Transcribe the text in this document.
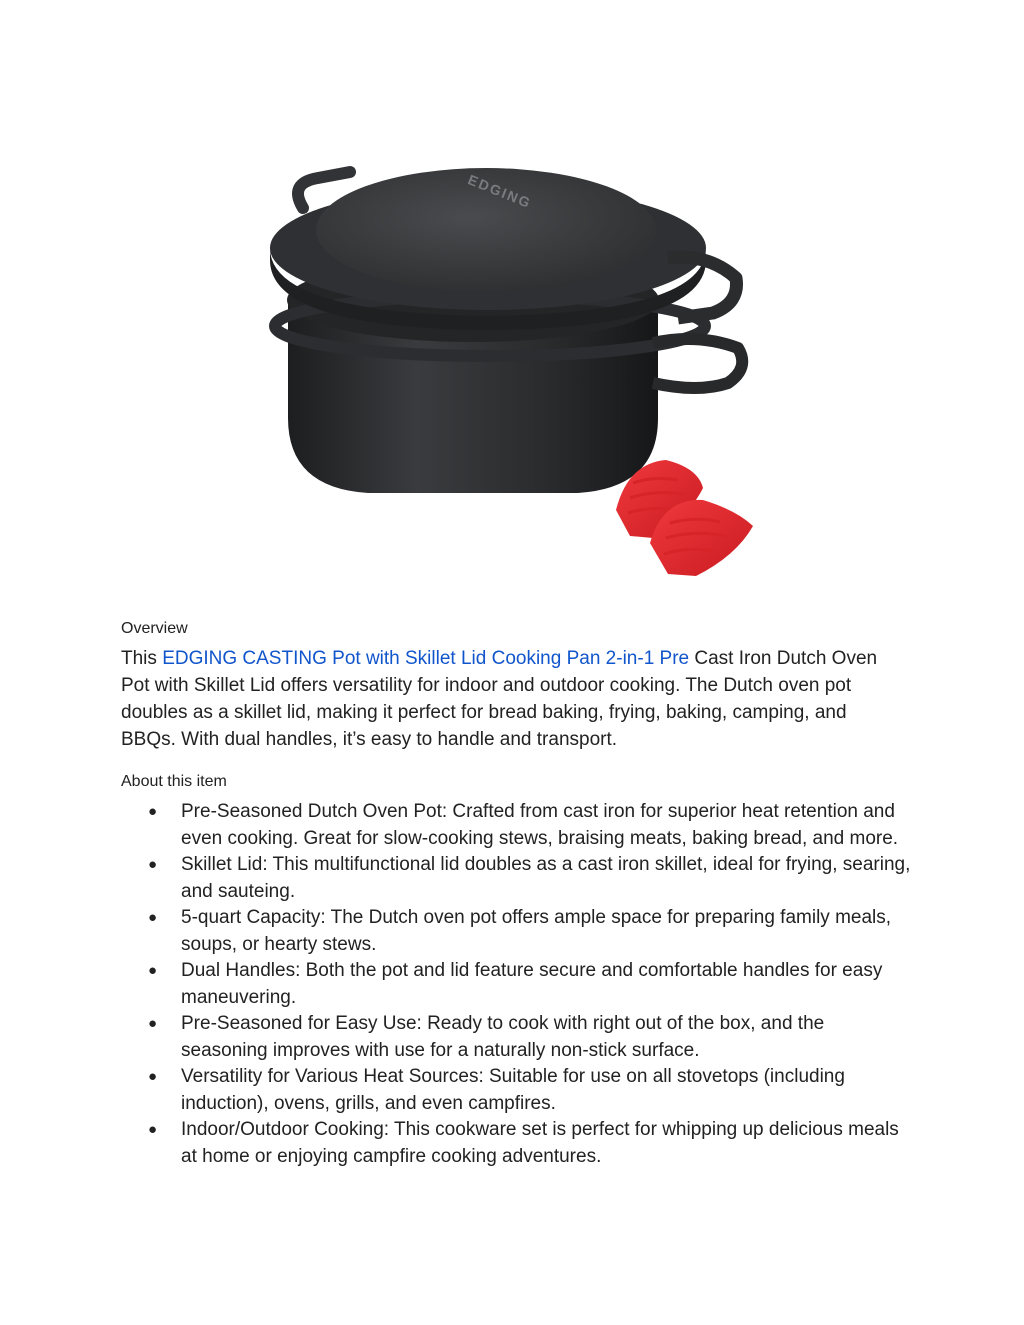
EDGING
Overview

This EDGING CASTING Pot with Skillet Lid Cooking Pan 2-in-1 Pre Cast Iron Dutch Oven Pot with Skillet Lid offers versatility for indoor and outdoor cooking. The Dutch oven pot doubles as a skillet lid, making it perfect for bread baking, frying, baking, camping, and BBQs. With dual handles, it’s easy to handle and transport.

About this item
● Pre-Seasoned Dutch Oven Pot: Crafted from cast iron for superior heat retention and even cooking. Great for slow-cooking stews, braising meats, baking bread, and more.
● Skillet Lid: This multifunctional lid doubles as a cast iron skillet, ideal for frying, searing, and sauteing.
● 5-quart Capacity: The Dutch oven pot offers ample space for preparing family meals, soups, or hearty stews.
● Dual Handles: Both the pot and lid feature secure and comfortable handles for easy maneuvering.
● Pre-Seasoned for Easy Use: Ready to cook with right out of the box, and the seasoning improves with use for a naturally non-stick surface.
● Versatility for Various Heat Sources: Suitable for use on all stovetops (including induction), ovens, grills, and even campfires.
● Indoor/Outdoor Cooking: This cookware set is perfect for whipping up delicious meals at home or enjoying campfire cooking adventures.
